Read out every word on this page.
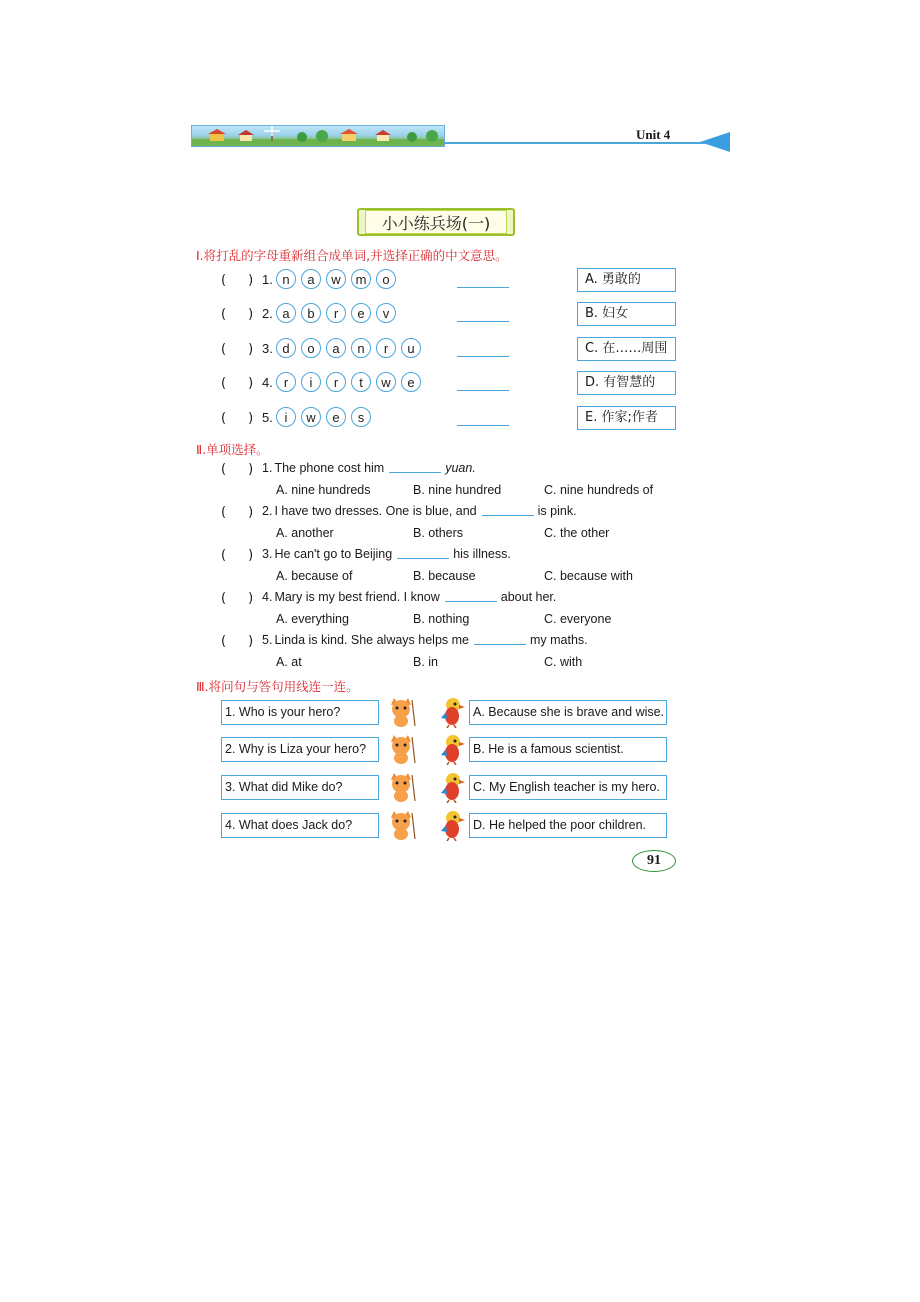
Unit 4
小小练兵场(一)
Ⅰ.将打乱的字母重新组合成单词,并选择正确的中文意思。
( ) 1. n	a	w	m	o	A. 勇敢的
( ) 2. a	b	r	e	v	B. 妇女
( ) 3. d	o	a	n	r	u	C. 在……周围
( ) 4. r	i	r	t	w	e	D. 有智慧的
( ) 5. i	w	e	s	E. 作家;作者
Ⅱ.单项选择。
( ) 1. The phone cost him	yuan.
A. nine hundreds	B. nine hundred	C. nine hundreds of
( ) 2. I have two dresses. One is blue, and	is pink.
A. another	B. others	C. the other
( ) 3. He can't go to Beijing	his illness.
A. because of	B. because	C. because with
( ) 4. Mary is my best friend. I know	about her.
A. everything	B. nothing	C. everyone
( ) 5. Linda is kind. She always helps me	my maths.
A. at	B. in	C. with
Ⅲ.将问句与答句用线连一连。
1. Who is your hero?
2. Why is Liza your hero?
3. What did Mike do?
4. What does Jack do?
A. Because she is brave and wise.
B. He is a famous scientist.
C. My English teacher is my hero.
D. He helped the poor children.
91
